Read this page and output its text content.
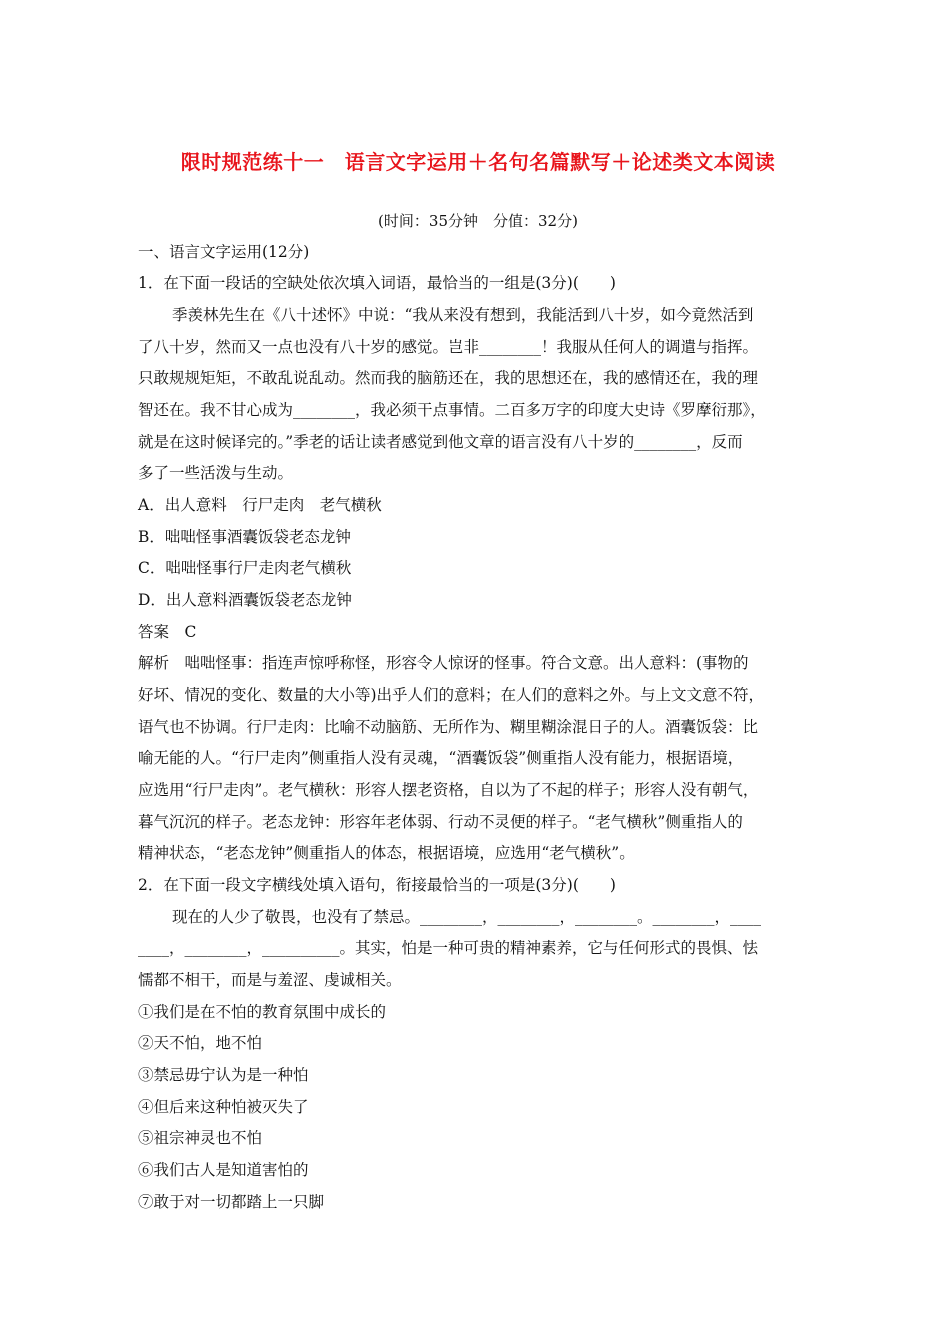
限时规范练十一　语言文字运用＋名句名篇默写＋论述类文本阅读
(时间：35分钟　分值：32分)
一、语言文字运用(12分)
1．在下面一段话的空缺处依次填入词语，最恰当的一组是(3分)(　　)
季羡林先生在《八十述怀》中说：“我从来没有想到，我能活到八十岁，如今竟然活到
了八十岁，然而又一点也没有八十岁的感觉。岂非________！我服从任何人的调遣与指挥。
只敢规规矩矩，不敢乱说乱动。然而我的脑筋还在，我的思想还在，我的感情还在，我的理
智还在。我不甘心成为________，我必须干点事情。二百多万字的印度大史诗《罗摩衍那》，
就是在这时候译完的。”季老的话让读者感觉到他文章的语言没有八十岁的________，反而
多了一些活泼与生动。
A．出人意料　行尸走肉　老气横秋
B．咄咄怪事酒囊饭袋老态龙钟
C．咄咄怪事行尸走肉老气横秋
D．出人意料酒囊饭袋老态龙钟
答案　C
解析　咄咄怪事：指连声惊呼称怪，形容令人惊讶的怪事。符合文意。出人意料：(事物的
好坏、情况的变化、数量的大小等)出乎人们的意料；在人们的意料之外。与上文文意不符，
语气也不协调。行尸走肉：比喻不动脑筋、无所作为、糊里糊涂混日子的人。酒囊饭袋：比
喻无能的人。“行尸走肉”侧重指人没有灵魂，“酒囊饭袋”侧重指人没有能力，根据语境，
应选用“行尸走肉”。老气横秋：形容人摆老资格，自以为了不起的样子；形容人没有朝气，
暮气沉沉的样子。老态龙钟：形容年老体弱、行动不灵便的样子。“老气横秋”侧重指人的
精神状态，“老态龙钟”侧重指人的体态，根据语境，应选用“老气横秋”。
2．在下面一段文字横线处填入语句，衔接最恰当的一项是(3分)(　　)
现在的人少了敬畏，也没有了禁忌。________，________，________。________，____
____，________，__________。其实，怕是一种可贵的精神素养，它与任何形式的畏惧、怯
懦都不相干，而是与羞涩、虔诚相关。
①我们是在不怕的教育氛围中成长的
②天不怕，地不怕
③禁忌毋宁认为是一种怕
④但后来这种怕被灭失了
⑤祖宗神灵也不怕
⑥我们古人是知道害怕的
⑦敢于对一切都踏上一只脚
